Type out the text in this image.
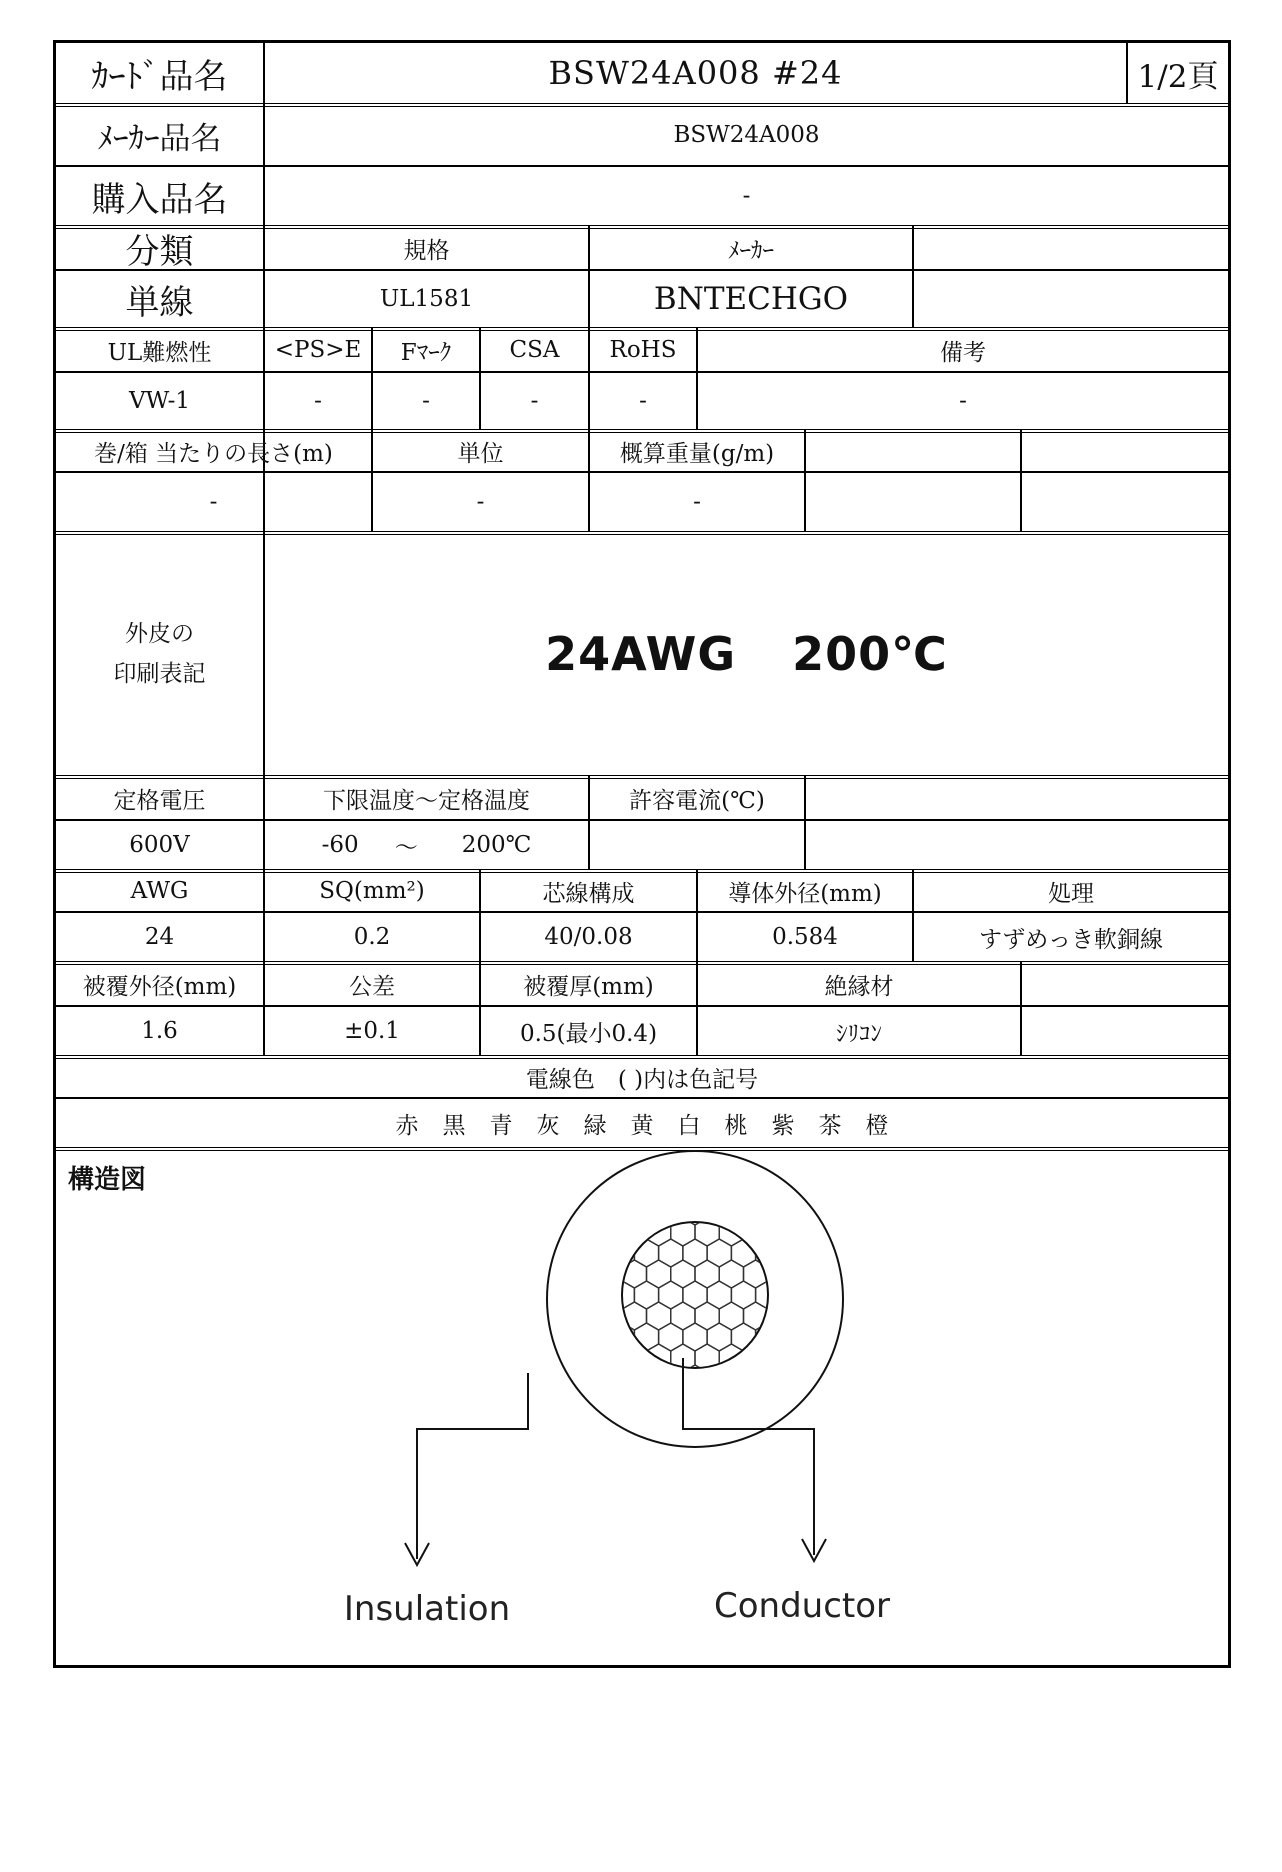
ｶｰﾄﾞ品名	BSW24A008 #24	1/2頁
ﾒｰｶｰ品名	BSW24A008
購入品名	-
分類	規格	ﾒｰｶｰ
単線	UL1581	BNTECHGO
UL難燃性	<PS>E	Fﾏｰｸ	CSA	RoHS	備考
VW-1	-	-	-	-	-
巻/箱 当たりの長さ(m)	単位	概算重量(g/m)
-	-	-
外皮の
印刷表記	24AWG 200℃
定格電圧	下限温度～定格温度	許容電流(℃)
600V	-60 ～ 200℃
AWG	SQ(mm²)	芯線構成	導体外径(mm)	処理
24	0.2	40/0.08	0.584	すずめっき軟銅線
被覆外径(mm)	公差	被覆厚(mm)	絶縁材
1.6	±0.1	0.5(最小0.4)	ｼﾘｺﾝ
電線色　( )内は色記号
赤 黒 青 灰 緑 黄 白 桃 紫 茶 橙
構造図
Insulation	Conductor
